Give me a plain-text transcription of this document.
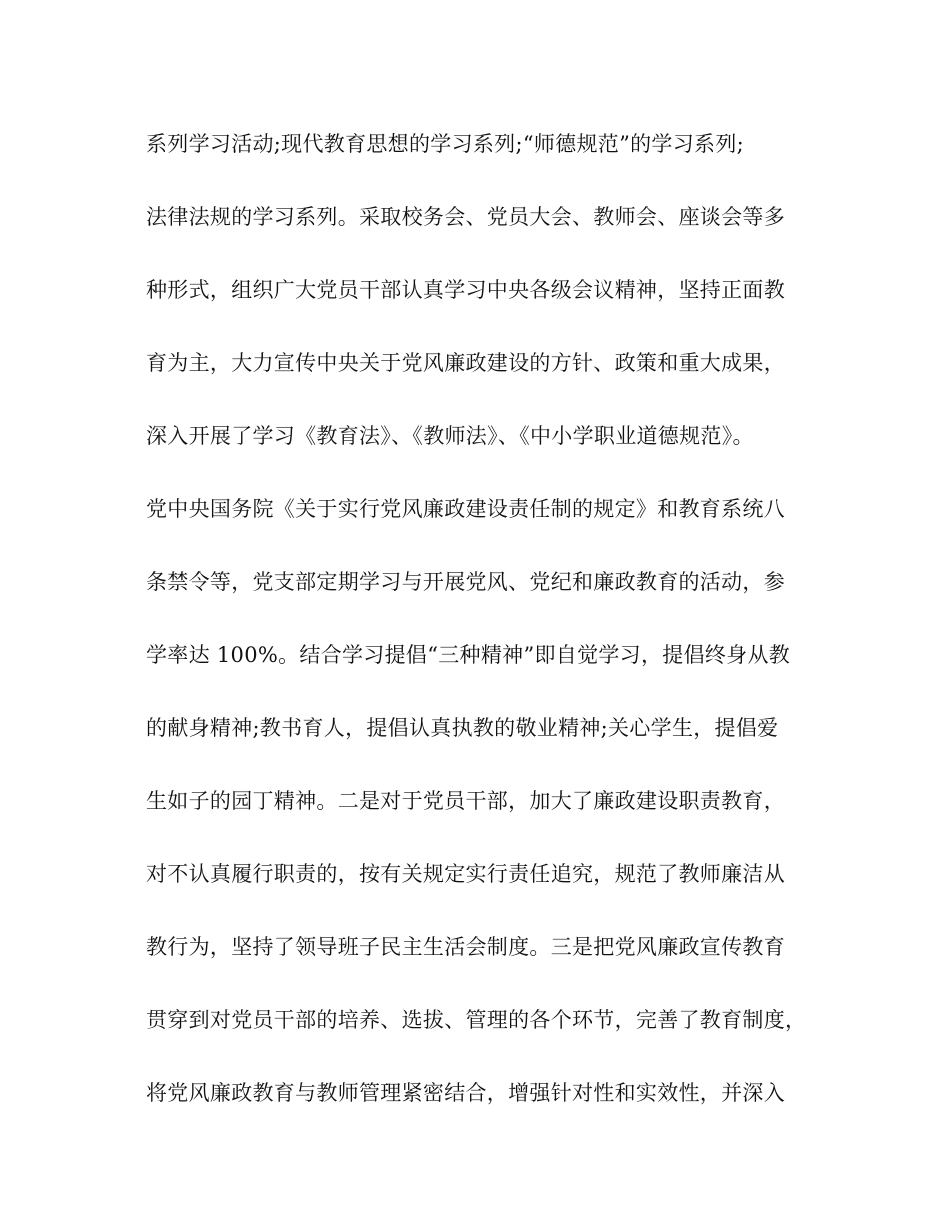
系列学习活动;现代教育思想的学习系列;“师德规范”的学习系列;
法律法规的学习系列。采取校务会、党员大会、教师会、座谈会等多
种形式，组织广大党员干部认真学习中央各级会议精神，坚持正面教
育为主，大力宣传中央关于党风廉政建设的方针、政策和重大成果，
深入开展了学习《教育法》、《教师法》、《中小学职业道德规范》。
党中央国务院《关于实行党风廉政建设责任制的规定》和教育系统八
条禁令等，党支部定期学习与开展党风、党纪和廉政教育的活动，参
学率达 100%。结合学习提倡“三种精神”即自觉学习，提倡终身从教
的献身精神;教书育人，提倡认真执教的敬业精神;关心学生，提倡爱
生如子的园丁精神。二是对于党员干部，加大了廉政建设职责教育，
对不认真履行职责的，按有关规定实行责任追究，规范了教师廉洁从
教行为，坚持了领导班子民主生活会制度。三是把党风廉政宣传教育
贯穿到对党员干部的培养、选拔、管理的各个环节，完善了教育制度，
将党风廉政教育与教师管理紧密结合，增强针对性和实效性，并深入
